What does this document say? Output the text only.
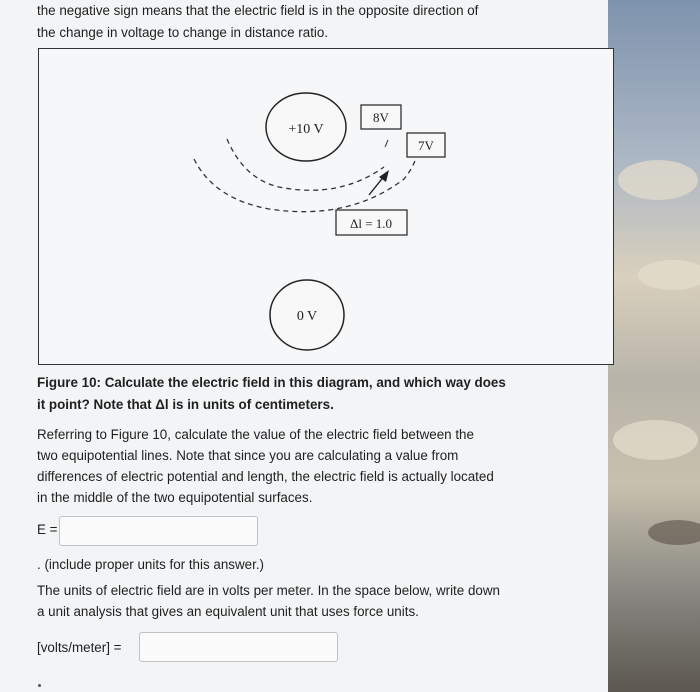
the negative sign means that the electric field is in the opposite direction of
the change in voltage to change in distance ratio.
+10 V
0 V
8V
7V
Δl = 1.0
Figure 10: Calculate the electric field in this diagram, and which way does
it point? Note that Δl is in units of centimeters.
Referring to Figure 10, calculate the value of the electric field between the
two equipotential lines. Note that since you are calculating a value from
differences of electric potential and length, the electric field is actually located
in the middle of the two equipotential surfaces.
E =
. (include proper units for this answer.)
The units of electric field are in volts per meter. In the space below, write down
a unit analysis that gives an equivalent unit that uses force units.
[volts/meter] =
